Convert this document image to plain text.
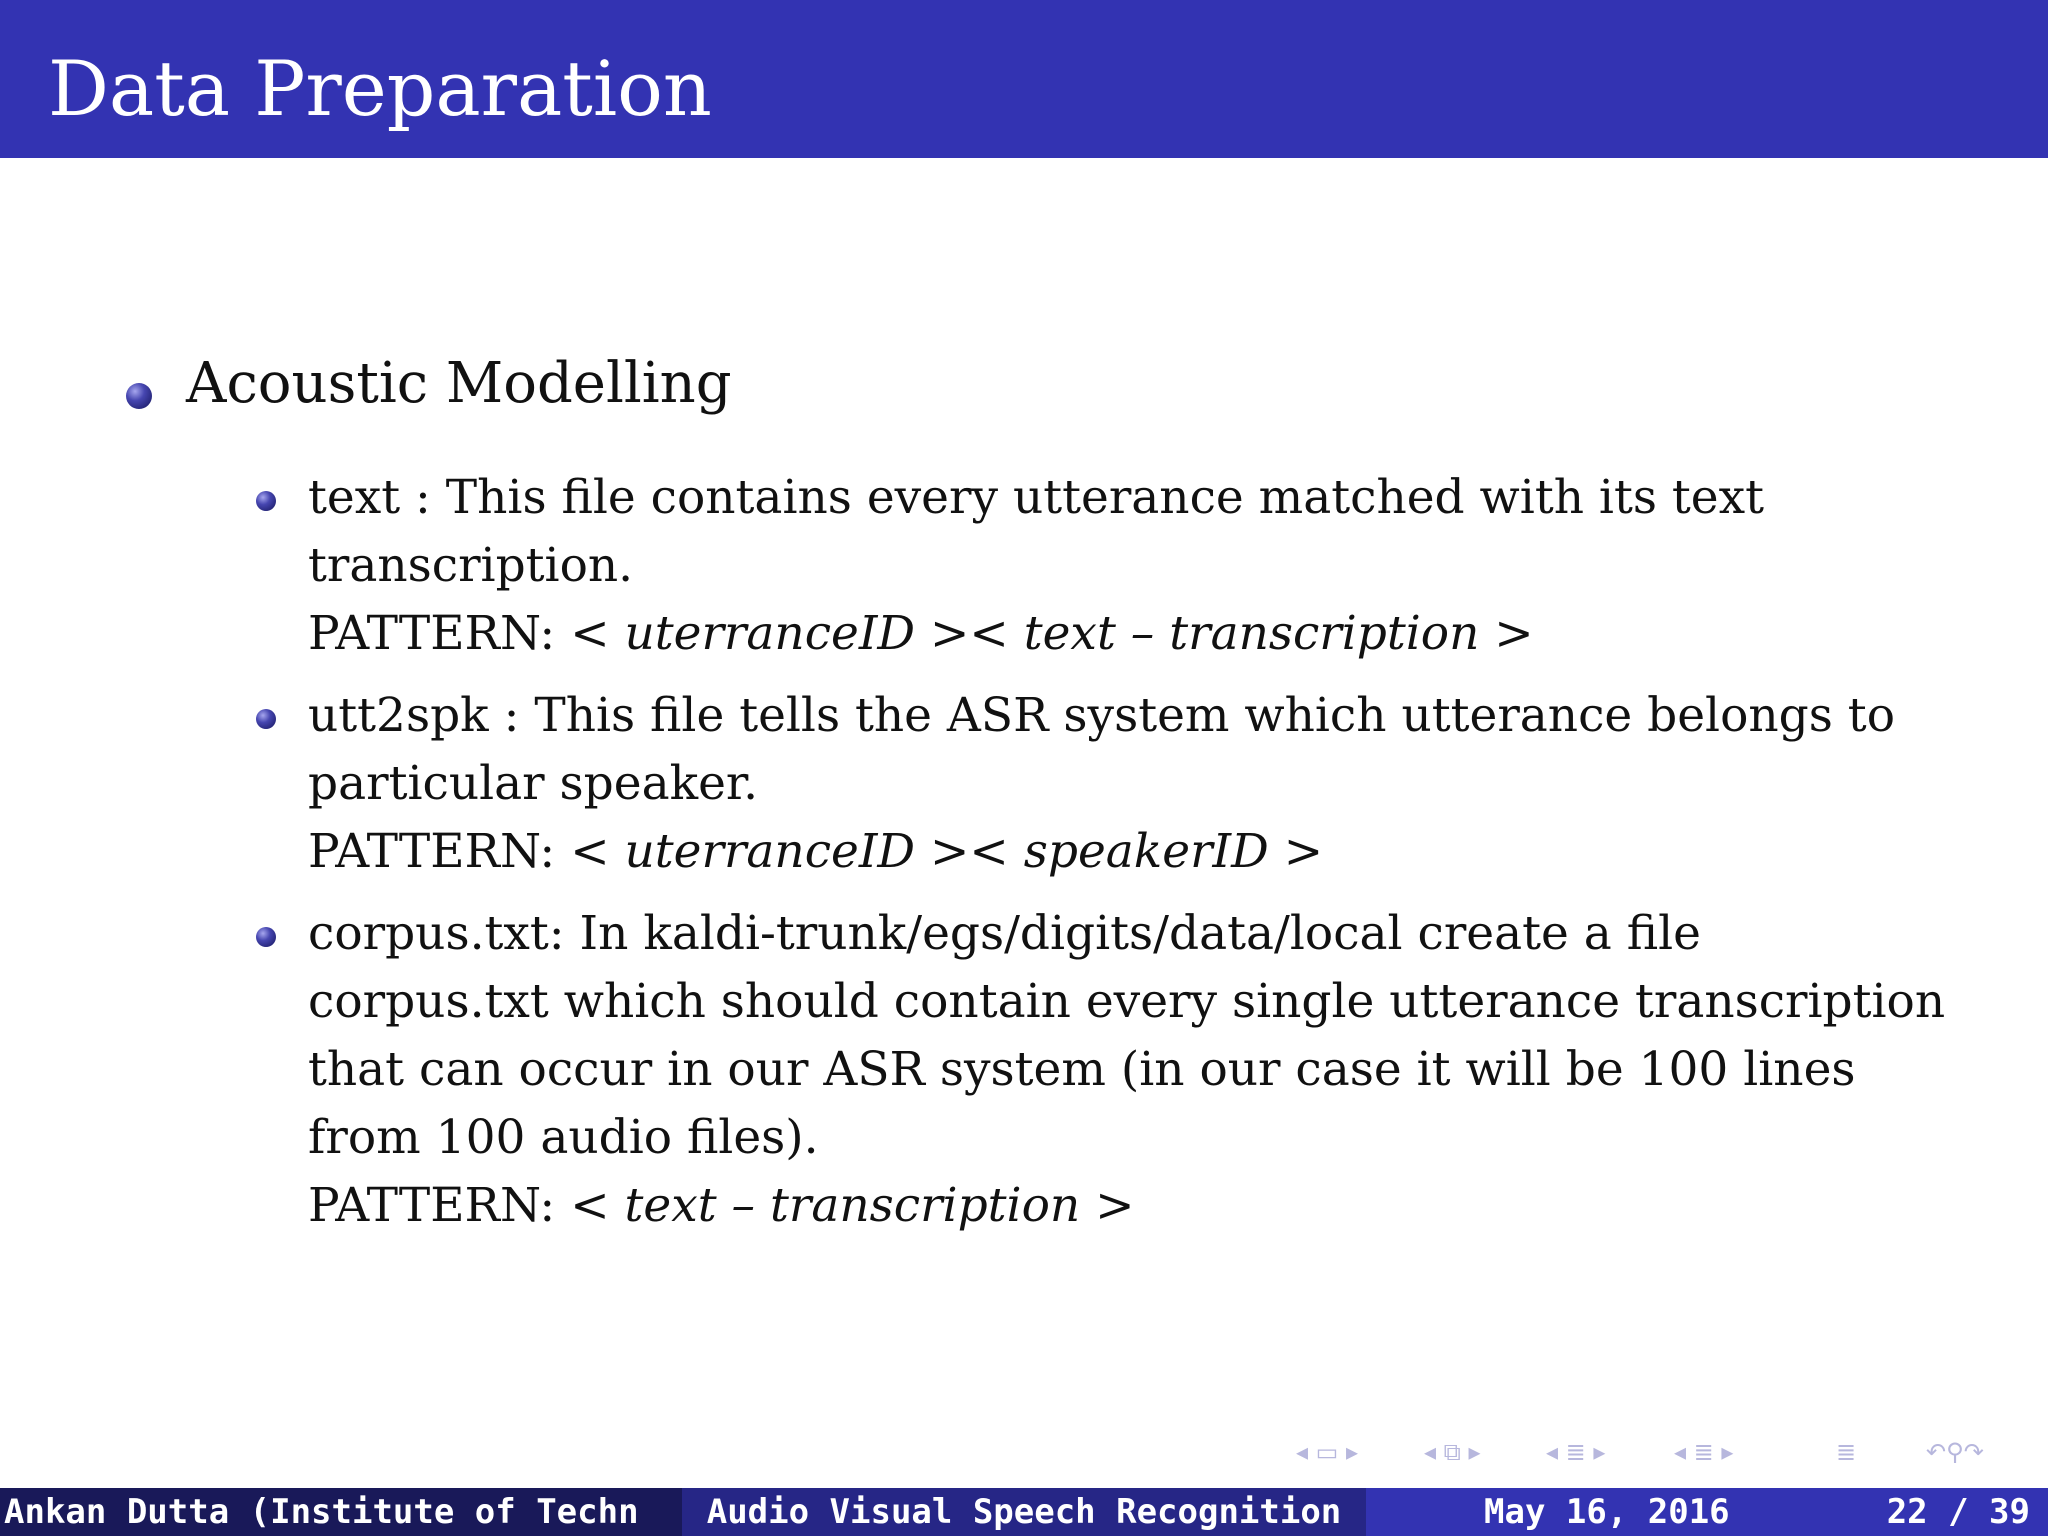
Data Preparation

Acoustic Modelling

text : This file contains every utterance matched with its text
transcription.
PATTERN: < uterranceID >< text – transcription >

utt2spk : This file tells the ASR system which utterance belongs to
particular speaker.
PATTERN: < uterranceID >< speakerID >

corpus.txt: In kaldi-trunk/egs/digits/data/local create a file
corpus.txt which should contain every single utterance transcription
that can occur in our ASR system (in our case it will be 100 lines
from 100 audio files).
PATTERN: < text – transcription >

◂ ▭ ▸	◂ ⧉ ▸	◂ ≣ ▸	◂ ≣ ▸	≣	↶⚲↷
Ankan Dutta (Institute of Techn	Audio Visual Speech Recognition	May 16, 2016	22 / 39
